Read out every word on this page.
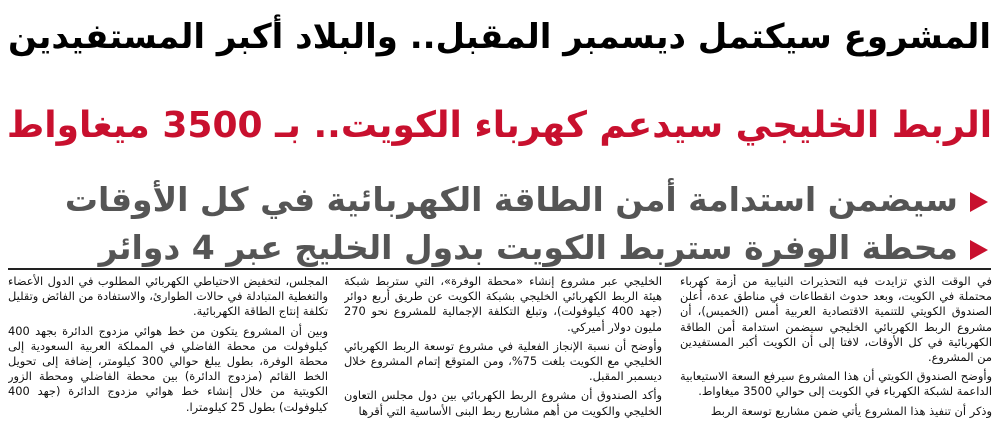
المشروع سيكتمل ديسمبر المقبل.. والبلاد أكبر المستفيدين
الربط الخليجي سيدعم كهرباء الكويت.. بـ 3500 ميغاواط
سيضمن استدامة أمن الطاقة الكهربائية في كل الأوقات
محطة الوفرة ستربط الكويت بدول الخليج عبر 4 دوائر

في الوقت الذي تزايدت فيه التحذيرات النيابية من أزمة كهرباء محتملة في الكويت، وبعد حدوث انقطاعات في مناطق عدة، أعلن الصندوق الكويتي للتنمية الاقتصادية العربية أمس (الخميس)، أن مشروع الربط الكهربائي الخليجي سيضمن استدامة أمن الطاقة الكهربائية في كل الأوقات، لافتا إلى أن الكويت أكبر المستفيدين من المشروع.

وأوضح الصندوق الكويتي أن هذا المشروع سيرفع السعة الاستيعابية الداعمة لشبكة الكهرباء في الكويت إلى حوالي 3500 ميغاواط.

وذكر أن تنفيذ هذا المشروع يأتي ضمن مشاريع توسعة الربط

الخليجي عبر مشروع إنشاء «محطة الوفرة»، التي ستربط شبكة هيئة الربط الكهربائي الخليجي بشبكة الكويت عن طريق أربع دوائر (جهد 400 كيلوفولت)، وتبلغ التكلفة الإجمالية للمشروع نحو 270 مليون دولار أميركي.

وأوضح أن نسبة الإنجاز الفعلية في مشروع توسعة الربط الكهربائي الخليجي مع الكويت بلغت 75%، ومن المتوقع إتمام المشروع خلال ديسمبر المقبل.

وأكد الصندوق أن مشروع الربط الكهربائي بين دول مجلس التعاون الخليجي والكويت من أهم مشاريع ربط البنى الأساسية التي أقرها

المجلس، لتخفيض الاحتياطي الكهربائي المطلوب في الدول الأعضاء والتغطية المتبادلة في حالات الطوارئ، والاستفادة من الفائض وتقليل تكلفة إنتاج الطاقة الكهربائية.

وبين أن المشروع يتكون من خط هوائي مزدوج الدائرة بجهد 400 كيلوفولت من محطة الفاضلي في المملكة العربية السعودية إلى محطة الوفرة، بطول يبلغ حوالي 300 كيلومتر، إضافة إلى تحويل الخط القائم (مزدوج الدائرة) بين محطة الفاضلي ومحطة الزور الكويتية من خلال إنشاء خط هوائي مزدوج الدائرة (جهد 400 كيلوفولت) بطول 25 كيلومترا.
